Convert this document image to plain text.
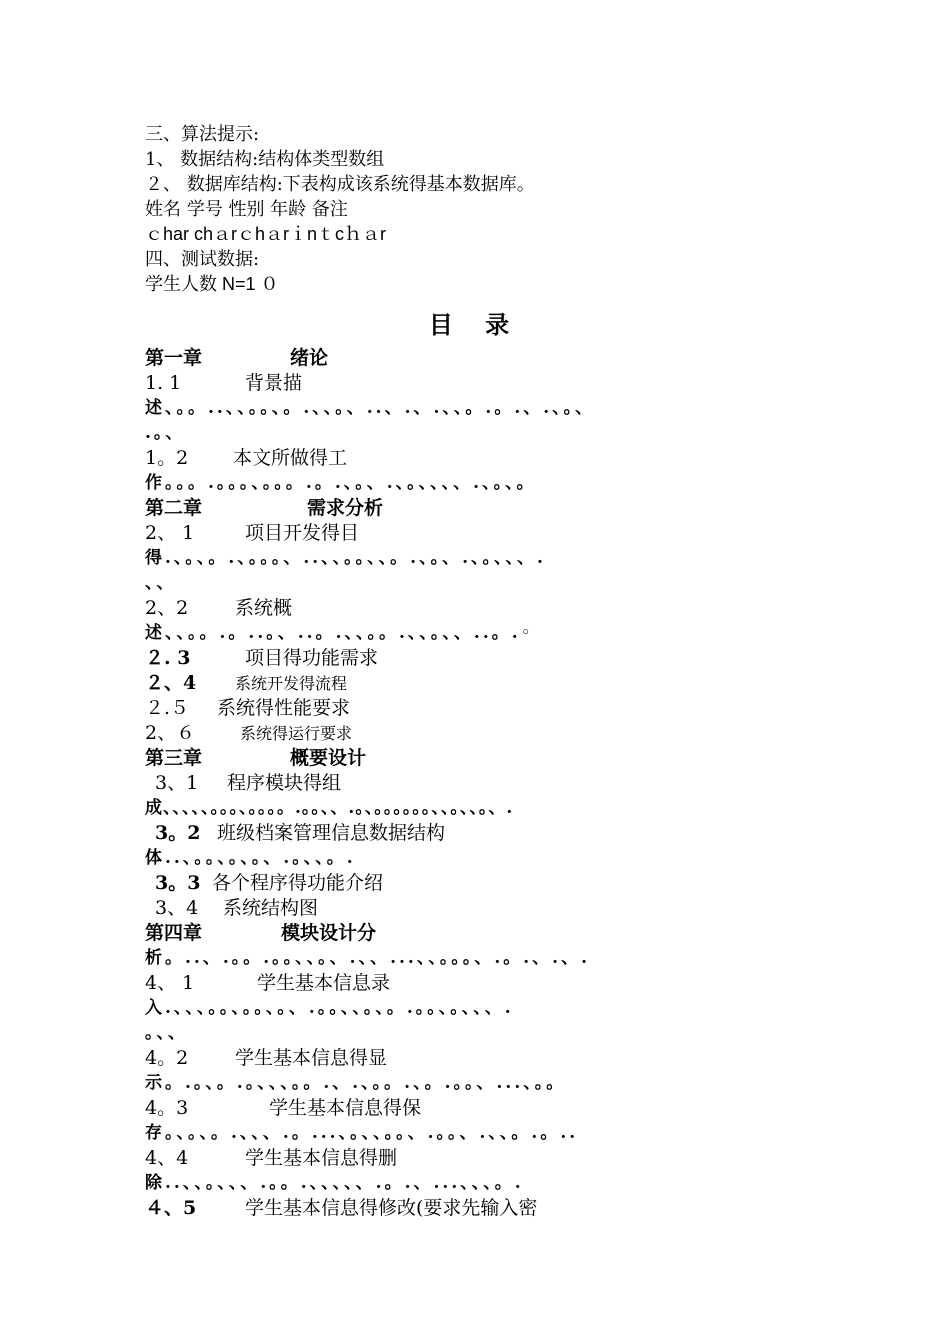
三、算法提示:
1、 数据结构:结构体类型数组
２、 数据库结构:下表构成该系统得基本数据库。
姓名 学号 性别 年龄 备注
ｃhar chａrｃhａrｉnｔcｈａr
四、测试数据:
学生人数 N=1 ０
目 录
第一章	绪论
1. 1	背景描
述、。。..、、。。、。.、、。、..、.、.、、。.。.、.、。、
.。、
1。2 本文所做得工
作。。。.。。。、。。。.。.、。、.、。、、、、.、。、。
第二章	需求分析
2、 1	项目开发得目
得.、。、。.、。。。、..、、。。、、。.、。、.、。、、、.
、、
2、2 系统概
述、、。。.。..。、..。.、、。。.、、。、、..。.◦
２. 3	项目得功能需求
２、4 系统开发得流程
２.５ 系统得性能要求
2、６	系统得运行要求
第三章	概要设计
3、1 程序模块得组
成、、、、、。。。、。。。。.。。、、.。、。。。。。。、、。、、。、.
3。2 班级档案管理信息数据结构
体..、。。、。、。、.。、、。.
3。3 各个程序得功能介绍
3、4 系统结构图
第四章	模块设计分
析。..、.。。.。。、、。、.、、...、、。。。、.。.、.、.
4、 1	学生基本信息录
入.、、、。。、。。、。、.。。、、。、。.。。、。、、、.
。、、
4。2 学生基本信息得显
示。.。、。.。、、、。。.、.、。。.、。.。。、...、。。
4。3	学生基本信息得保
存。、。、。.、、、.。...、。、、。。、.。。、.、、。.。..
4、4	学生基本信息得删
除..、、。、、、.。。.、、、、、.。.、...、、、。.
４、5	学生基本信息得修改(要求先输入密
